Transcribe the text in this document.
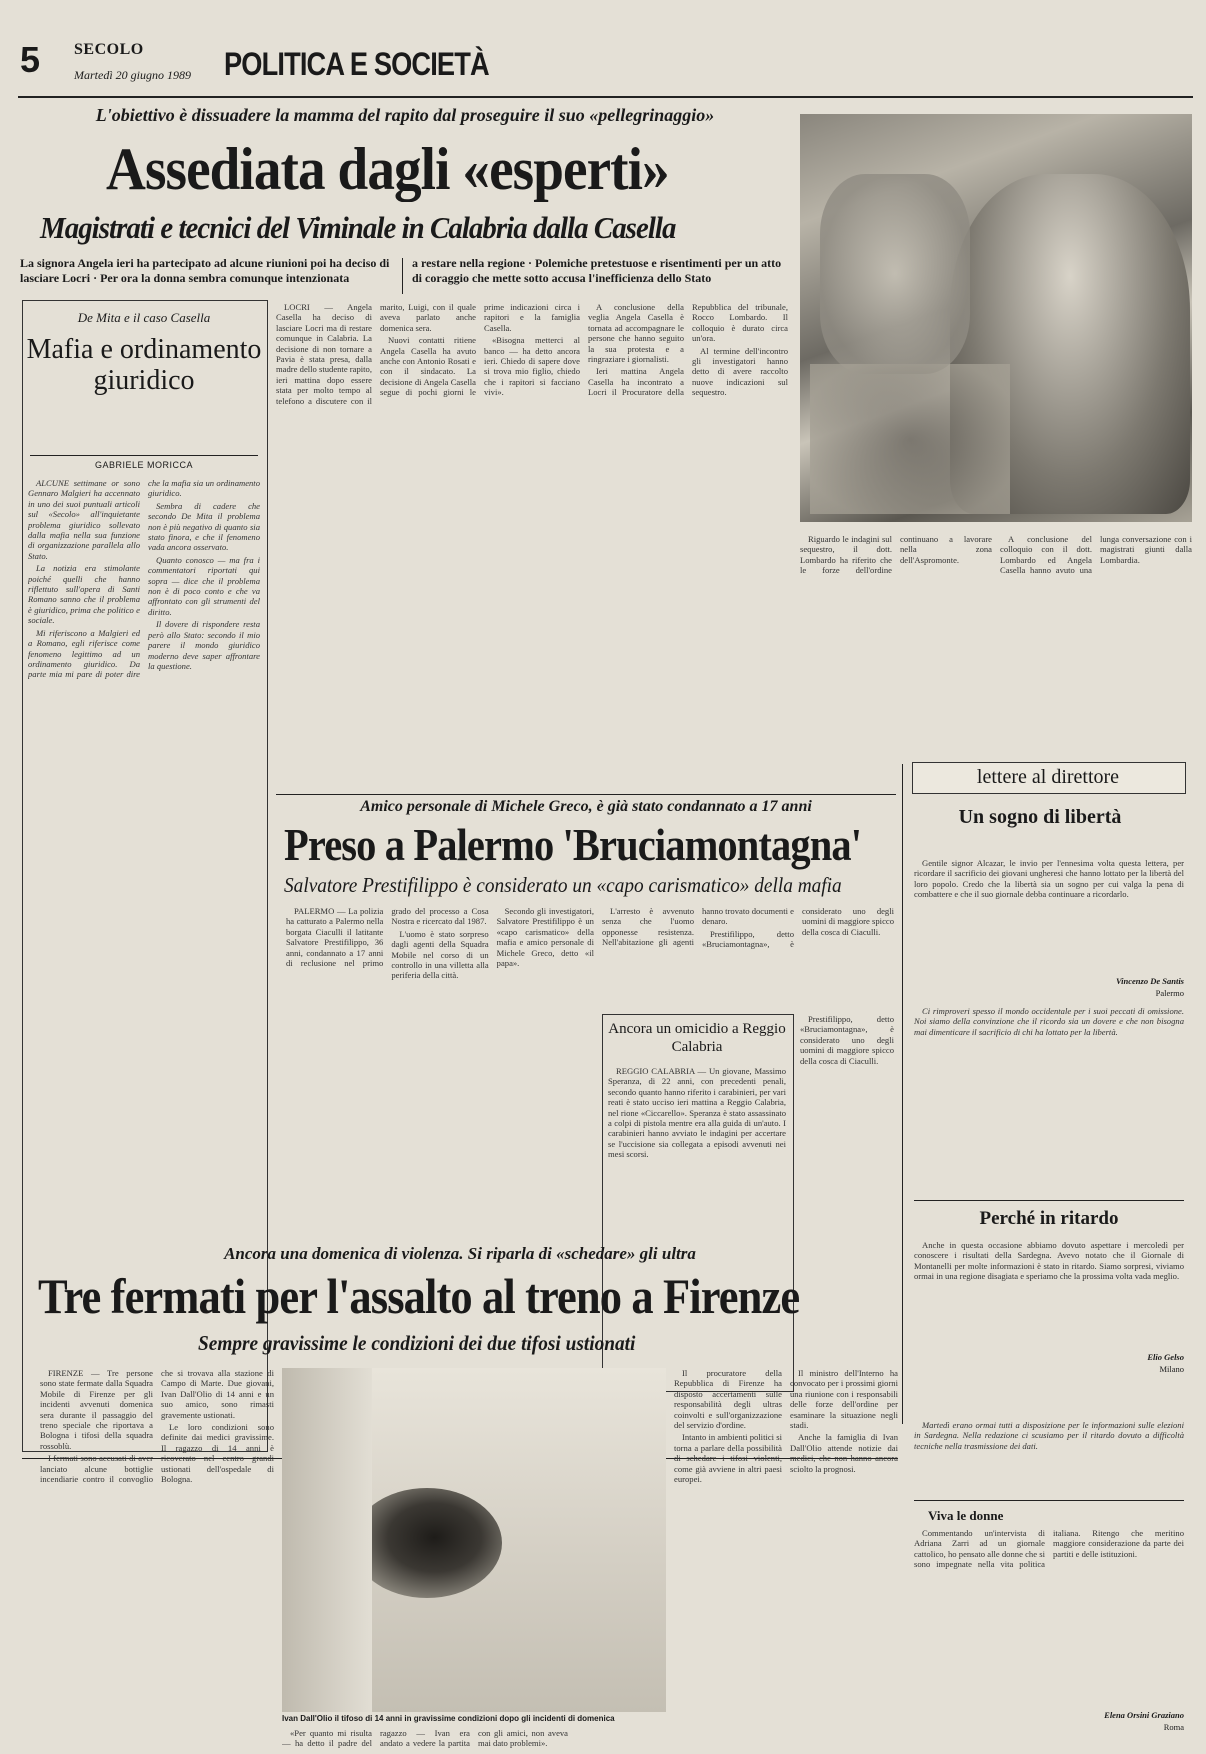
5 SECOLO
Martedì 20 giugno 1989 POLITICA E SOCIETÀ
L'obiettivo è dissuadere la mamma del rapito dal proseguire il suo «pellegrinaggio»
Assediata dagli «esperti»
Magistrati e tecnici del Viminale in Calabria dalla Casella
La signora Angela ieri ha partecipato ad alcune riunioni poi ha deciso di lasciare Locri · Per ora la donna sembra comunque intenzionata
a restare nella regione · Polemiche pretestuose e risentimenti per un atto di coraggio che mette sotto accusa l'inefficienza dello Stato
De Mita e il caso Casella
Mafia e ordinamento giuridico
GABRIELE MORICCA

ALCUNE settimane or sono Gennaro Malgieri ha accennato in uno dei suoi puntuali articoli sul «Secolo» all'inquietante problema giuridico sollevato dalla mafia nella sua funzione di organizzazione parallela allo Stato.

La notizia era stimolante poiché quelli che hanno riflettuto sull'opera di Santi Romano sanno che il problema è giuridico, prima che politico e sociale.

Mi riferiscono a Malgieri ed a Romano, egli riferisce come fenomeno legittimo ad un ordinamento giuridico. Da parte mia mi pare di poter dire che la mafia sia un ordinamento giuridico.

Sembra di cadere che secondo De Mita il problema non è più negativo di quanto sia stato finora, e che il fenomeno vada ancora osservato.

Quanto conosco — ma fra i commentatori riportati qui sopra — dice che il problema non è di poco conto e che va affrontato con gli strumenti del diritto.

Il dovere di rispondere resta però allo Stato: secondo il mio parere il mondo giuridico moderno deve saper affrontare la questione.

LOCRI — Angela Casella ha deciso di lasciare Locri ma di restare comunque in Calabria. La decisione di non tornare a Pavia è stata presa, dalla madre dello studente rapito, ieri mattina dopo essere stata per molto tempo al telefono a discutere con il marito, Luigi, con il quale aveva parlato anche domenica sera.

Nuovi contatti ritiene Angela Casella ha avuto anche con Antonio Rosati e con il sindacato. La decisione di Angela Casella segue di pochi giorni le prime indicazioni circa i rapitori e la famiglia Casella.

«Bisogna metterci al banco — ha detto ancora ieri. Chiedo di sapere dove si trova mio figlio, chiedo che i rapitori si facciano vivi».

A conclusione della veglia Angela Casella è tornata ad accompagnare le persone che hanno seguito la sua protesta e a ringraziare i giornalisti.

Ieri mattina Angela Casella ha incontrato a Locri il Procuratore della Repubblica del tribunale, Rocco Lombardo. Il colloquio è durato circa un'ora.

Al termine dell'incontro gli investigatori hanno detto di avere raccolto nuove indicazioni sul sequestro.

Riguardo le indagini sul sequestro, il dott. Lombardo ha riferito che le forze dell'ordine continuano a lavorare nella zona dell'Aspromonte.

A conclusione del colloquio con il dott. Lombardo ed Angela Casella hanno avuto una lunga conversazione con i magistrati giunti dalla Lombardia.

Amico personale di Michele Greco, è già stato condannato a 17 anni
Preso a Palermo 'Bruciamontagna'
Salvatore Prestifilippo è considerato un «capo carismatico» della mafia

PALERMO — La polizia ha catturato a Palermo nella borgata Ciaculli il latitante Salvatore Prestifilippo, 36 anni, condannato a 17 anni di reclusione nel primo grado del processo a Cosa Nostra e ricercato dal 1987.

L'uomo è stato sorpreso dagli agenti della Squadra Mobile nel corso di un controllo in una villetta alla periferia della città.

Secondo gli investigatori, Salvatore Prestifilippo è un «capo carismatico» della mafia e amico personale di Michele Greco, detto «il papa».

L'arresto è avvenuto senza che l'uomo opponesse resistenza. Nell'abitazione gli agenti hanno trovato documenti e denaro.

Prestifilippo, detto «Bruciamontagna», è considerato uno degli uomini di maggiore spicco della cosca di Ciaculli.

Ancora un omicidio a Reggio Calabria

REGGIO CALABRIA — Un giovane, Massimo Speranza, di 22 anni, con precedenti penali, secondo quanto hanno riferito i carabinieri, per vari reati è stato ucciso ieri mattina a Reggio Calabria, nel rione «Ciccarello». Speranza è stato assassinato a colpi di pistola mentre era alla guida di un'auto. I carabinieri hanno avviato le indagini per accertare se l'uccisione sia collegata a episodi avvenuti nei mesi scorsi.

Prestifilippo, detto «Bruciamontagna», è considerato uno degli uomini di maggiore spicco della cosca di Ciaculli.

lettere al direttore
Un sogno di libertà

Gentile signor Alcazar, le invio per l'ennesima volta questa lettera, per ricordare il sacrificio dei giovani ungheresi che hanno lottato per la libertà del loro popolo. Credo che la libertà sia un sogno per cui valga la pena di combattere e che il suo giornale debba continuare a ricordarlo.

Vincenzo De Santis
Palermo

Ci rimproveri spesso il mondo occidentale per i suoi peccati di omissione. Noi siamo della convinzione che il ricordo sia un dovere e che non bisogna mai dimenticare il sacrificio di chi ha lottato per la libertà.

Perché in ritardo

Anche in questa occasione abbiamo dovuto aspettare i mercoledì per conoscere i risultati della Sardegna. Avevo notato che il Giornale di Montanelli per molte informazioni è stato in ritardo. Siamo sorpresi, viviamo ormai in una regione disagiata e speriamo che la prossima volta vada meglio.

Elio Gelso
Milano

Martedì erano ormai tutti a disposizione per le informazioni sulle elezioni in Sardegna. Nella redazione ci scusiamo per il ritardo dovuto a difficoltà tecniche nella trasmissione dei dati.

Viva le donne

Commentando un'intervista di Adriana Zarri ad un giornale cattolico, ho pensato alle donne che si sono impegnate nella vita politica italiana. Ritengo che meritino maggiore considerazione da parte dei partiti e delle istituzioni.

Elena Orsini Graziano
Roma
Ancora una domenica di violenza. Si riparla di «schedare» gli ultra
Tre fermati per l'assalto al treno a Firenze
Sempre gravissime le condizioni dei due tifosi ustionati
Ivan Dall'Olio il tifoso di 14 anni in gravissime condizioni dopo gli incidenti di domenica

FIRENZE — Tre persone sono state fermate dalla Squadra Mobile di Firenze per gli incidenti avvenuti domenica sera durante il passaggio del treno speciale che riportava a Bologna i tifosi della squadra rossoblù.

I fermati sono accusati di aver lanciato alcune bottiglie incendiarie contro il convoglio che si trovava alla stazione di Campo di Marte. Due giovani, Ivan Dall'Olio di 14 anni e un suo amico, sono rimasti gravemente ustionati.

Le loro condizioni sono definite dai medici gravissime. Il ragazzo di 14 anni è ricoverato nel centro grandi ustionati dell'ospedale di Bologna.

«Per quanto mi risulta — ha detto il padre del ragazzo — Ivan era andato a vedere la partita con gli amici, non aveva mai dato problemi».

Il procuratore della Repubblica di Firenze ha disposto accertamenti sulle responsabilità degli ultras coinvolti e sull'organizzazione del servizio d'ordine.

Intanto in ambienti politici si torna a parlare della possibilità di schedare i tifosi violenti, come già avviene in altri paesi europei.

Il ministro dell'Interno ha convocato per i prossimi giorni una riunione con i responsabili delle forze dell'ordine per esaminare la situazione negli stadi.

Anche la famiglia di Ivan Dall'Olio attende notizie dai medici, che non hanno ancora sciolto la prognosi.
